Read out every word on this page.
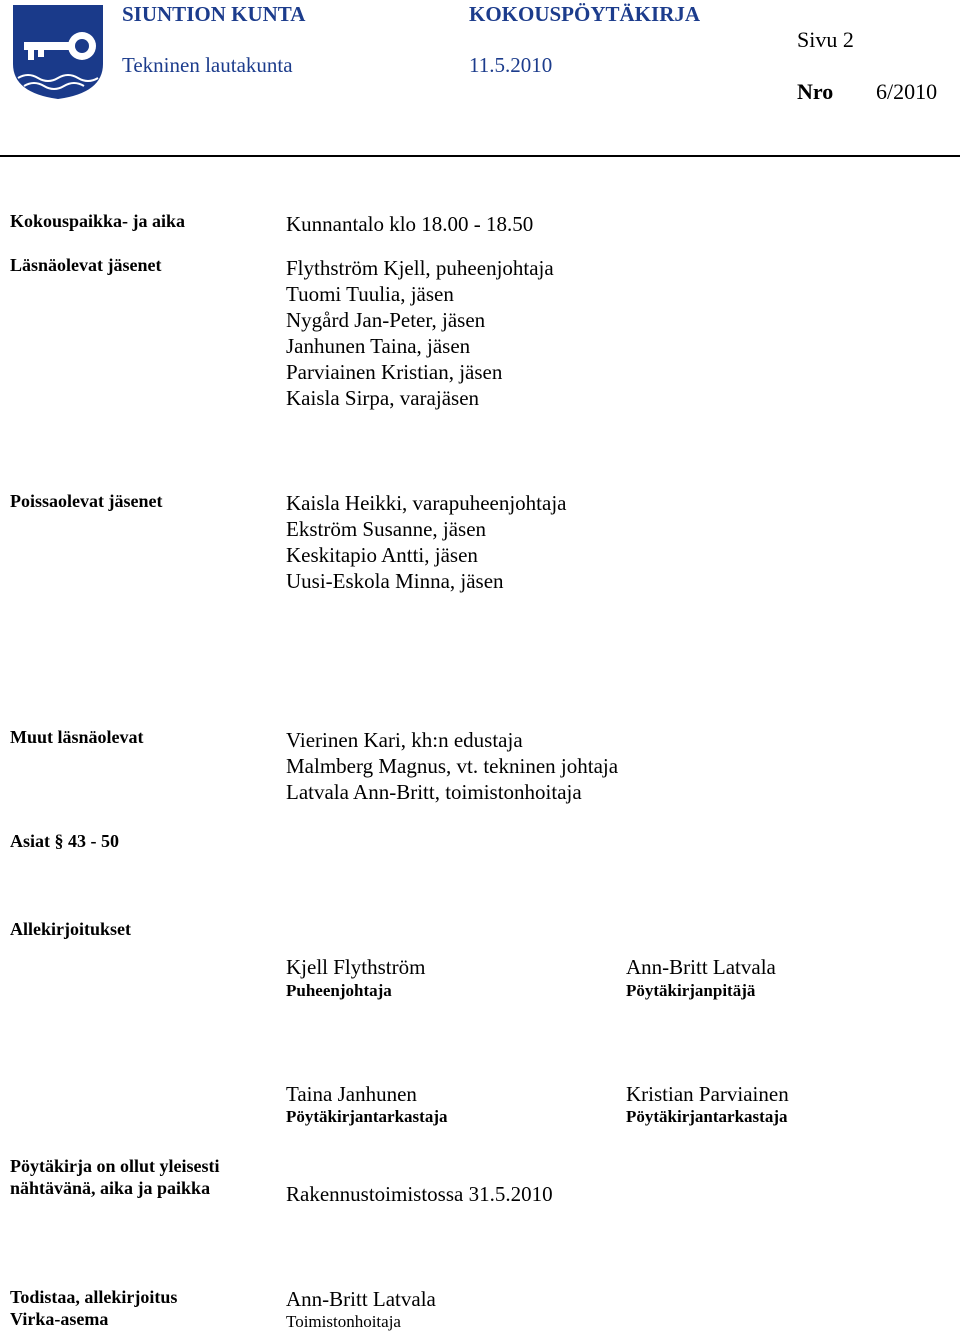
SIUNTION KUNTA	KOKOUSPÖYTÄKIRJA
Tekninen lautakunta	11.5.2010
Sivu 2
Nro 6/2010
Kokouspaikka- ja aika	Kunnantalo klo 18.00 - 18.50
Läsnäolevat jäsenet	Flythström Kjell, puheenjohtaja
Tuomi Tuulia, jäsen
Nygård Jan-Peter, jäsen
Janhunen Taina, jäsen
Parviainen Kristian, jäsen
Kaisla Sirpa, varajäsen
Poissaolevat jäsenet	Kaisla Heikki, varapuheenjohtaja
Ekström Susanne, jäsen
Keskitapio Antti, jäsen
Uusi-Eskola Minna, jäsen
Muut läsnäolevat	Vierinen Kari, kh:n edustaja
Malmberg Magnus, vt. tekninen johtaja
Latvala Ann-Britt, toimistonhoitaja
Asiat § 43 - 50
Allekirjoitukset
Kjell Flythström
Puheenjohtaja
Ann-Britt Latvala
Pöytäkirjanpitäjä
Taina Janhunen
Pöytäkirjantarkastaja
Kristian Parviainen
Pöytäkirjantarkastaja
Pöytäkirja on ollut yleisesti
nähtävänä, aika ja paikka	Rakennustoimistossa 31.5.2010
Todistaa, allekirjoitus
Virka-asema
Ann-Britt Latvala
Toimistonhoitaja
